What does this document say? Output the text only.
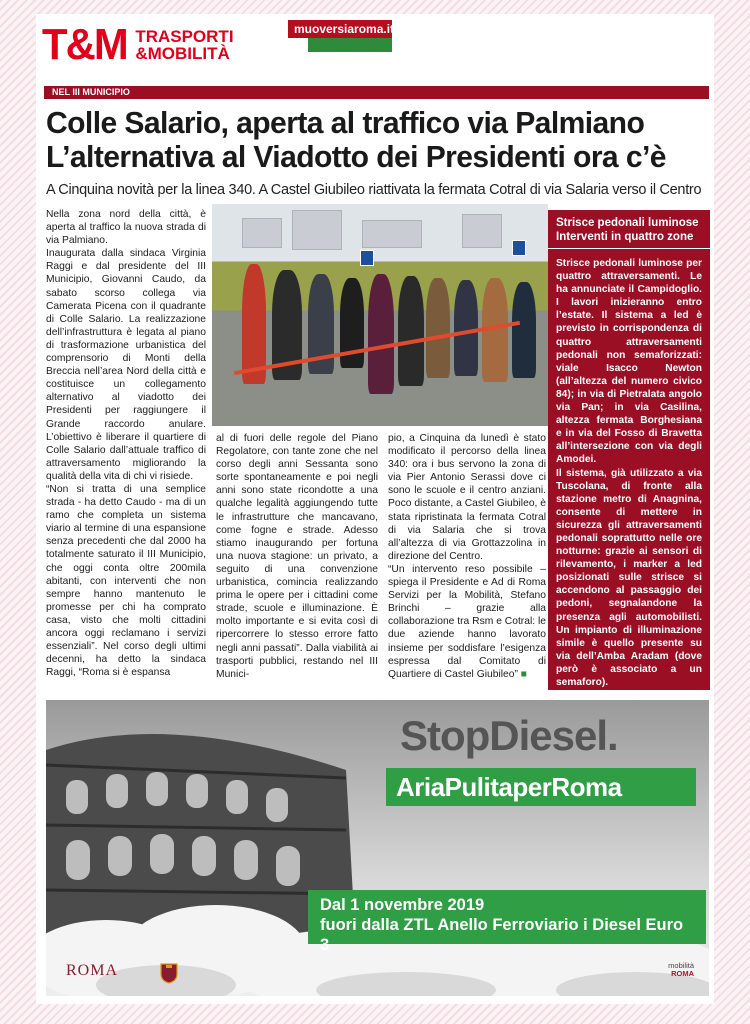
T&M TRASPORTI
&MOBILITÀ
muoversiaroma.it
NEL III MUNICIPIO
Colle Salario, aperta al traffico via Palmiano
L’alternativa al Viadotto dei Presidenti ora c’è
A Cinquina novità per la linea 340. A Castel Giubileo riattivata la fermata Cotral di via Salaria verso il Centro

Nella zona nord della città, è aperta al traffico la nuova strada di via Palmiano.
Inaugurata dalla sindaca Virginia Raggi e dal presidente del III Municipio, Giovanni Caudo, da sabato scorso collega via Camerata Picena con il quadrante di Colle Salario. La realizzazione dell’infrastruttura è legata al piano di trasformazione urbanistica del comprensorio di Monti della Breccia nell’area Nord della città e costituisce un collegamento alternativo al viadotto dei Presidenti per raggiungere il Grande raccordo anulare. L’obiettivo è liberare il quartiere di Colle Salario dall’attuale traffico di attraversamento migliorando la qualità della vita di chi vi risiede.
“Non si tratta di una semplice strada - ha detto Caudo - ma di un ramo che completa un sistema viario al termine di una espansione senza precedenti che dal 2000 ha totalmente saturato il III Municipio, che oggi conta oltre 200mila abitanti, con interventi che non sempre hanno mantenuto le promesse per chi ha comprato casa, visto che molti cittadini ancora oggi reclamano i servizi essenziali”. Nel corso degli ultimi decenni, ha detto la sindaca Raggi, “Roma si è espansa

al di fuori delle regole del Piano Regolatore, con tante zone che nel corso degli anni Sessanta sono sorte spontaneamente e poi negli anni sono state ricondotte a una qualche legalità aggiungendo tutte le infrastrutture che mancavano, come fogne e strade. Adesso stiamo inaugurando per fortuna una nuova stagione: un privato, a seguito di una convenzione urbanistica, comincia realizzando prima le opere per i cittadini come strade, scuole e illuminazione. È molto importante e si evita così di ripercorrere lo stesso errore fatto negli anni passati”. Dalla viabilità ai trasporti pubblici, restando nel III Munici-

pio, a Cinquina da lunedì è stato modificato il percorso della linea 340: ora i bus servono la zona di via Pier Antonio Serassi dove ci sono le scuole e il centro anziani. Poco distante, a Castel Giubileo, è stata ripristinata la fermata Cotral di via Salaria che si trova all’altezza di via Grottazzolina in direzione del Centro.
“Un intervento reso possibile – spiega il Presidente e Ad di Roma Servizi per la Mobilità, Stefano Brinchi – grazie alla collaborazione tra Rsm e Cotral: le due aziende hanno lavorato insieme per soddisfare l’esigenza espressa dal Comitato di Quartiere di Castel Giubileo” ■

Strisce pedonali luminose
Interventi in quattro zone
Strisce pedonali luminose per quattro attraversamenti. Le ha annunciate il Campidoglio. I lavori inizieranno entro l’estate. Il sistema a led è previsto in corrispondenza di quattro attraversamenti pedonali non semaforizzati: viale Isacco Newton (all’altezza del numero civico 84); in via di Pietralata angolo via Pan; in via Casilina, altezza fermata Borghesiana e in via del Fosso di Bravetta all’intersezione con via degli Amodei.
Il sistema, già utilizzato a via Tuscolana, di fronte alla stazione metro di Anagnina, consente di mettere in sicurezza gli attraversamenti pedonali soprattutto nelle ore notturne: grazie ai sensori di rilevamento, i marker a led posizionati sulle strisce si accendono al passaggio dei pedoni, segnalandone la presenza agli automobilisti. Un impianto di illuminazione simile è quello presente su via dell’Amba Aradam (dove però è associato a un semaforo).
StopDiesel.
AriaPulitaperRoma
Dal 1 novembre 2019
fuori dalla ZTL Anello Ferroviario i Diesel Euro 3
ROMA	mobilità
ROMA
